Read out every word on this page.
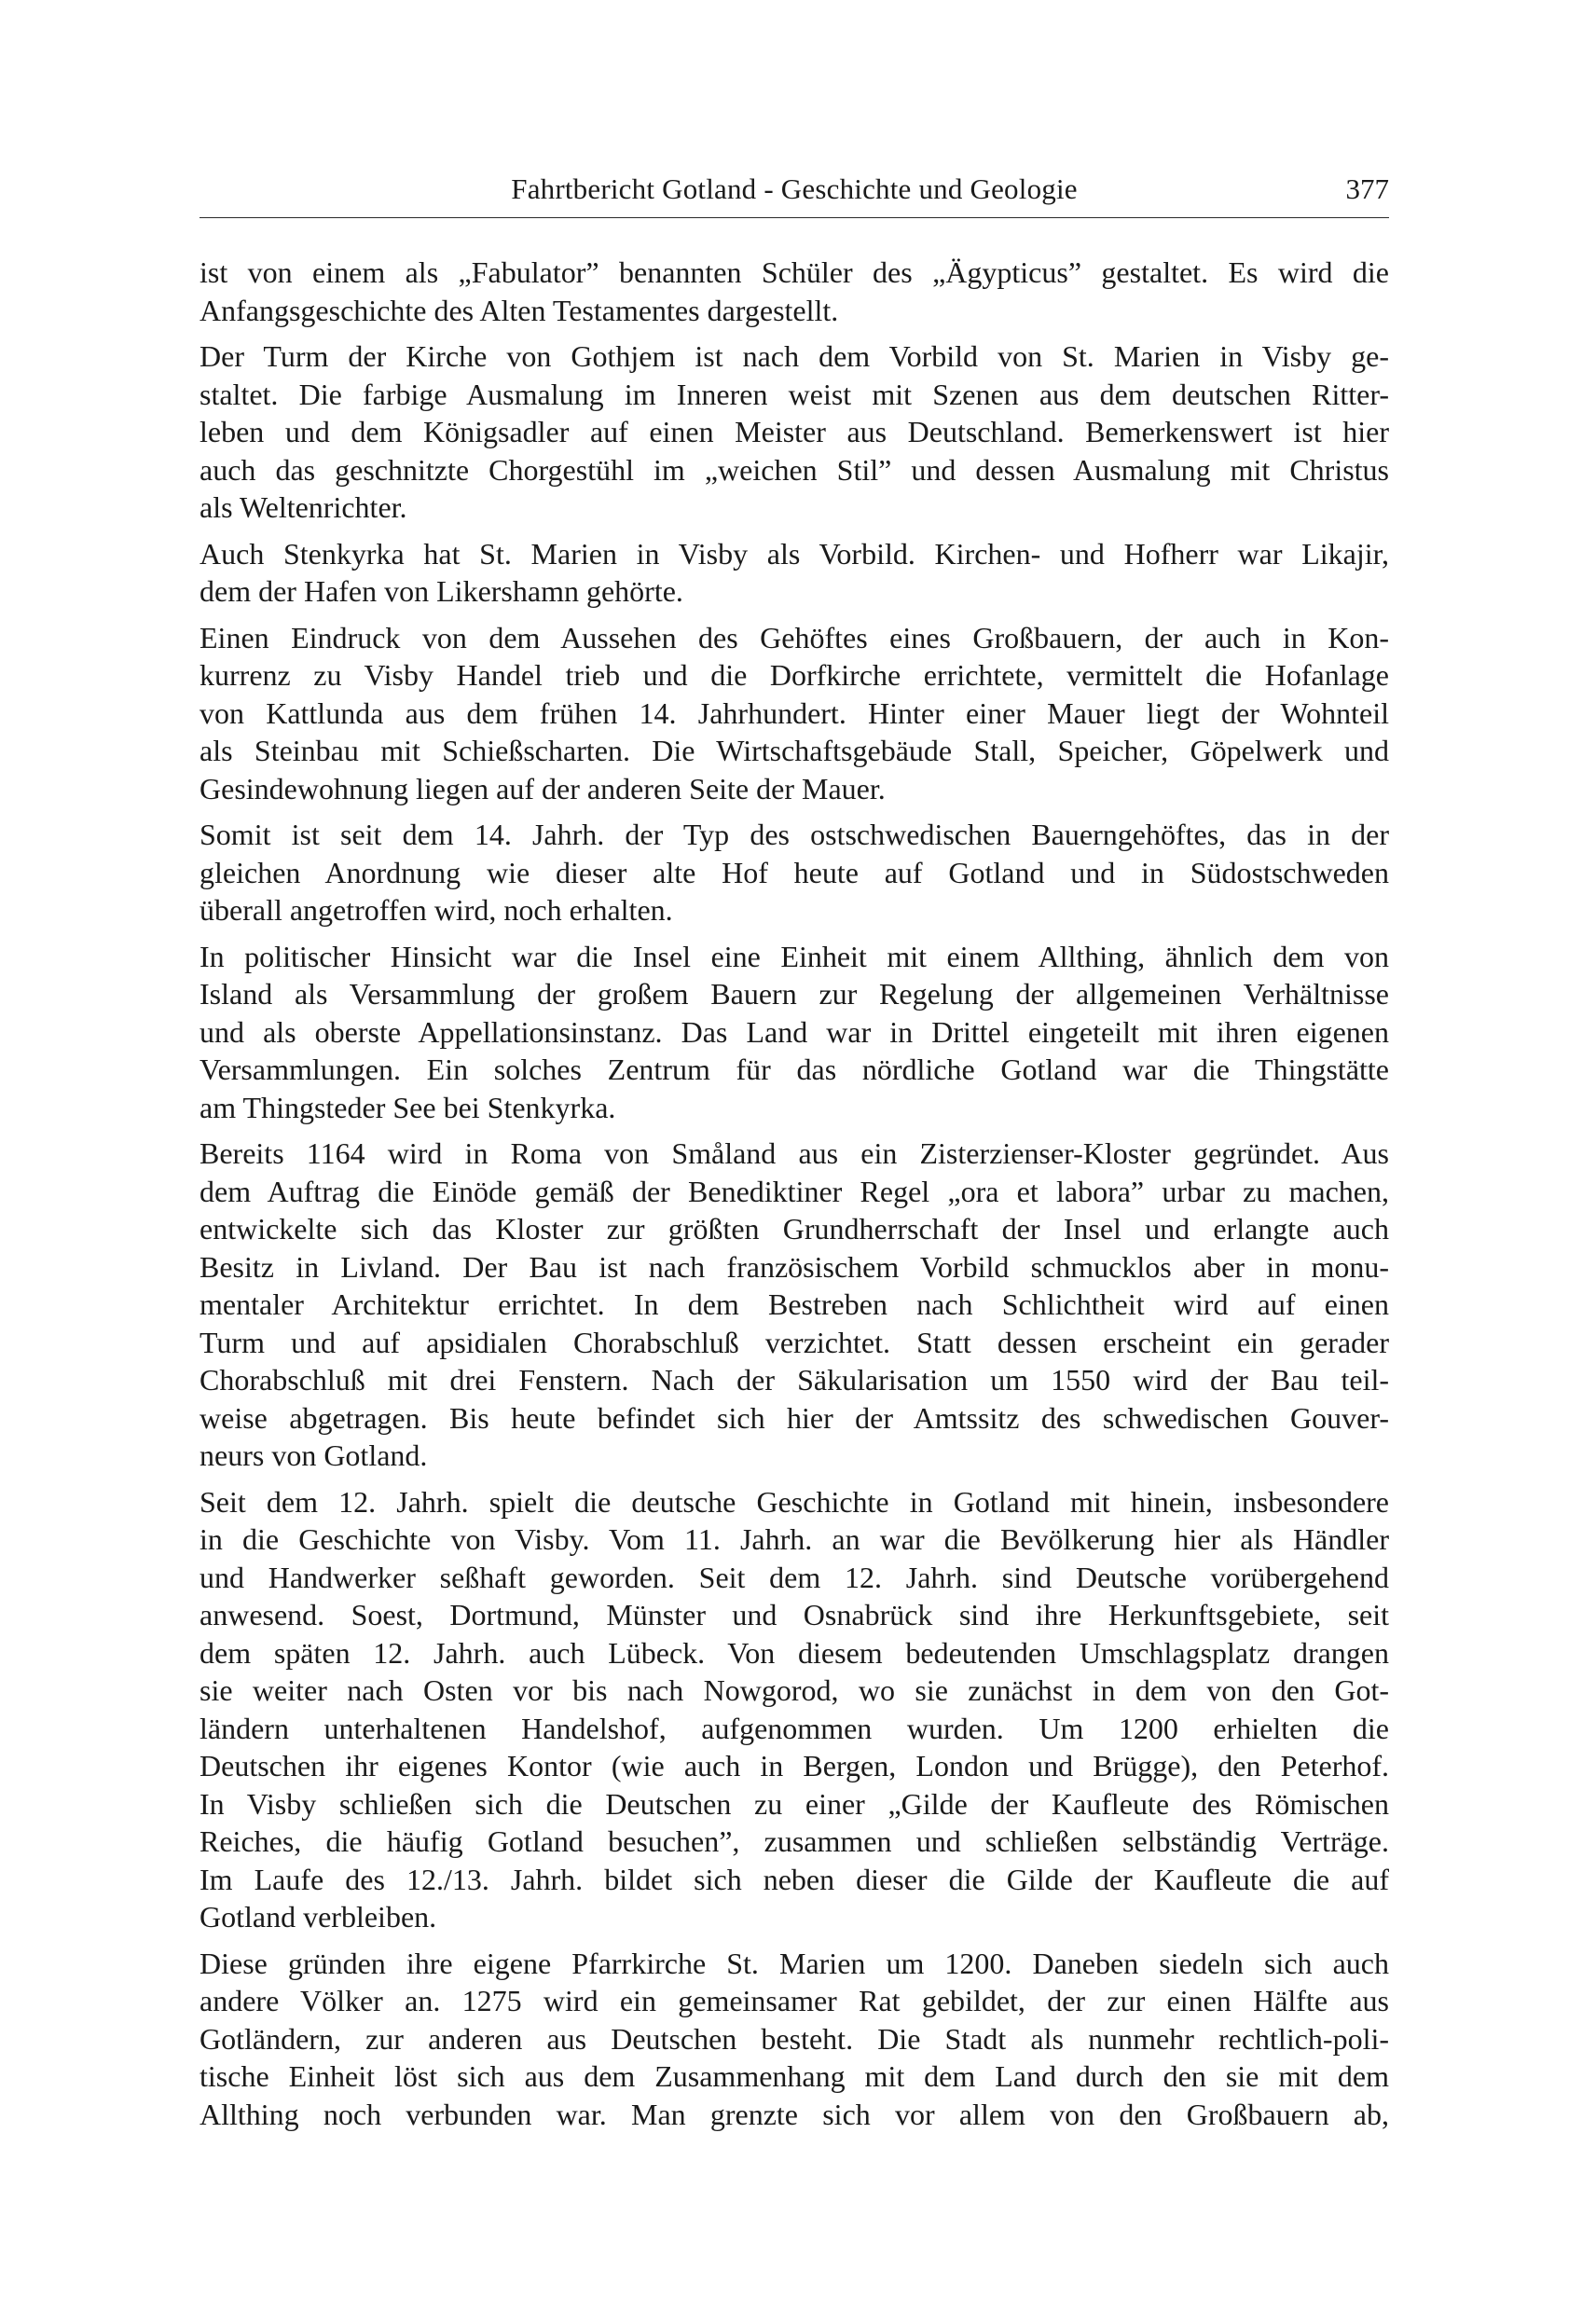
Fahrtbericht Gotland - Geschichte und Geologie	377

ist von einem als „Fabulator” benannten Schüler des „Ägypticus” gestaltet. Es wird die
Anfangsgeschichte des Alten Testamentes dargestellt.

Der Turm der Kirche von Gothjem ist nach dem Vorbild von St. Marien in Visby ge-
staltet. Die farbige Ausmalung im Inneren weist mit Szenen aus dem deutschen Ritter-
leben und dem Königsadler auf einen Meister aus Deutschland. Bemerkenswert ist hier
auch das geschnitzte Chorgestühl im „weichen Stil” und dessen Ausmalung mit Christus
als Weltenrichter.

Auch Stenkyrka hat St. Marien in Visby als Vorbild. Kirchen- und Hofherr war Likajir,
dem der Hafen von Likershamn gehörte.

Einen Eindruck von dem Aussehen des Gehöftes eines Großbauern, der auch in Kon-
kurrenz zu Visby Handel trieb und die Dorfkirche errichtete, vermittelt die Hofanlage
von Kattlunda aus dem frühen 14. Jahrhundert. Hinter einer Mauer liegt der Wohnteil
als Steinbau mit Schießscharten. Die Wirtschaftsgebäude Stall, Speicher, Göpelwerk und
Gesindewohnung liegen auf der anderen Seite der Mauer.

Somit ist seit dem 14. Jahrh. der Typ des ostschwedischen Bauerngehöftes, das in der
gleichen Anordnung wie dieser alte Hof heute auf Gotland und in Südostschweden
überall angetroffen wird, noch erhalten.

In politischer Hinsicht war die Insel eine Einheit mit einem Allthing, ähnlich dem von
Island als Versammlung der großem Bauern zur Regelung der allgemeinen Verhältnisse
und als oberste Appellationsinstanz. Das Land war in Drittel eingeteilt mit ihren eigenen
Versammlungen. Ein solches Zentrum für das nördliche Gotland war die Thingstätte
am Thingsteder See bei Stenkyrka.

Bereits 1164 wird in Roma von Småland aus ein Zisterzienser-Kloster gegründet. Aus
dem Auftrag die Einöde gemäß der Benediktiner Regel „ora et labora” urbar zu machen,
entwickelte sich das Kloster zur größten Grundherrschaft der Insel und erlangte auch
Besitz in Livland. Der Bau ist nach französischem Vorbild schmucklos aber in monu-
mentaler Architektur errichtet. In dem Bestreben nach Schlichtheit wird auf einen
Turm und auf apsidialen Chorabschluß verzichtet. Statt dessen erscheint ein gerader
Chorabschluß mit drei Fenstern. Nach der Säkularisation um 1550 wird der Bau teil-
weise abgetragen. Bis heute befindet sich hier der Amtssitz des schwedischen Gouver-
neurs von Gotland.

Seit dem 12. Jahrh. spielt die deutsche Geschichte in Gotland mit hinein, insbesondere
in die Geschichte von Visby. Vom 11. Jahrh. an war die Bevölkerung hier als Händler
und Handwerker seßhaft geworden. Seit dem 12. Jahrh. sind Deutsche vorübergehend
anwesend. Soest, Dortmund, Münster und Osnabrück sind ihre Herkunftsgebiete, seit
dem späten 12. Jahrh. auch Lübeck. Von diesem bedeutenden Umschlagsplatz drangen
sie weiter nach Osten vor bis nach Nowgorod, wo sie zunächst in dem von den Got-
ländern unterhaltenen Handelshof, aufgenommen wurden. Um 1200 erhielten die
Deutschen ihr eigenes Kontor (wie auch in Bergen, London und Brügge), den Peterhof.
In Visby schließen sich die Deutschen zu einer „Gilde der Kaufleute des Römischen
Reiches, die häufig Gotland besuchen”, zusammen und schließen selbständig Verträge.
Im Laufe des 12./13. Jahrh. bildet sich neben dieser die Gilde der Kaufleute die auf
Gotland verbleiben.

Diese gründen ihre eigene Pfarrkirche St. Marien um 1200. Daneben siedeln sich auch
andere Völker an. 1275 wird ein gemeinsamer Rat gebildet, der zur einen Hälfte aus
Gotländern, zur anderen aus Deutschen besteht. Die Stadt als nunmehr rechtlich-poli-
tische Einheit löst sich aus dem Zusammenhang mit dem Land durch den sie mit dem
Allthing noch verbunden war. Man grenzte sich vor allem von den Großbauern ab,
